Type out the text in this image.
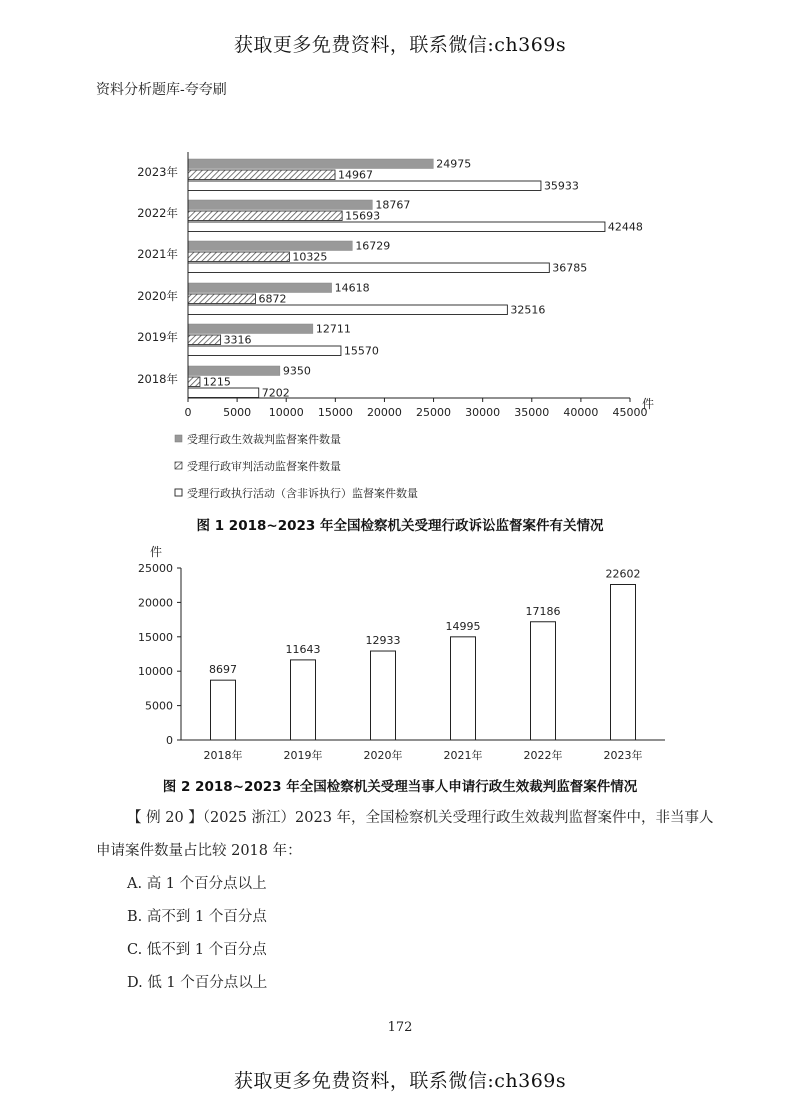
获取更多免费资料，联系微信:ch369s
资料分析题库-夸夸刷
2018年
2019年
2020年
2021年
2022年
2023年
9350
1215
7202
12711
3316
15570
14618
6872
32516
16729
10325
36785
18767
15693
42448
24975
14967
35933
0	5000 10000 15000 20000 25000 30000 35000 40000 45000
件
受理行政生效裁判监督案件数量
受理行政审判活动监督案件数量
受理行政执行活动（含非诉执行）监督案件数量
图 1 2018~2023 年全国检察机关受理行政诉讼监督案件有关情况
件
0
5000
10000
15000
20000
25000
8697
11643
12933
14995
17186
22602
2018年	2019年	2020年	2021年	2022年	2023年
图 2 2018~2023 年全国检察机关受理当事人申请行政生效裁判监督案件情况
【 例 20 】（2025 浙江）2023 年，全国检察机关受理行政生效裁判监督案件中，非当事人
申请案件数量占比较 2018 年：
A. 高 1 个百分点以上
B. 高不到 1 个百分点
C. 低不到 1 个百分点
D. 低 1 个百分点以上
172
获取更多免费资料，联系微信:ch369s
